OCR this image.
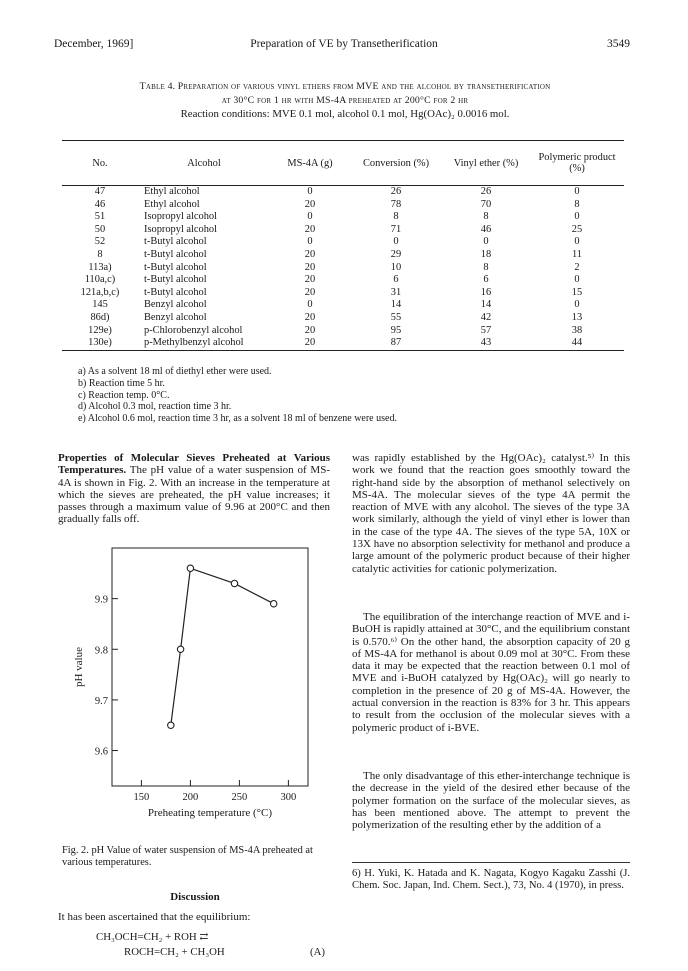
December, 1969]	Preparation of VE by Transetherification	3549
Table 4. Preparation of various vinyl ethers from MVE and the alcohol by transetherification
at 30°C for 1 hr with MS-4A preheated at 200°C for 2 hr
Reaction conditions: MVE 0.1 mol, alcohol 0.1 mol, Hg(OAc)₂ 0.0016 mol.
No.	Alcohol	MS-4A (g)	Conversion (%)	Vinyl ether (%)	Polymeric product (%)
47	Ethyl alcohol	0	26	26	0
46	Ethyl alcohol	20	78	70	8
51	Isopropyl alcohol	0	8	8	0
50	Isopropyl alcohol	20	71	46	25
52	t-Butyl alcohol	0	0	0	0
8	t-Butyl alcohol	20	29	18	11
113a)	t-Butyl alcohol	20	10	8	2
110a,c)	t-Butyl alcohol	20	6	6	0
121a,b,c)	t-Butyl alcohol	20	31	16	15
145	Benzyl alcohol	0	14	14	0
86d)	Benzyl alcohol	20	55	42	13
129e)	p-Chlorobenzyl alcohol	20	95	57	38
130e)	p-Methylbenzyl alcohol	20	87	43	44
a) As a solvent 18 ml of diethyl ether were used.
b) Reaction time 5 hr.
c) Reaction temp. 0°C.
d) Alcohol 0.3 mol, reaction time 3 hr.
e) Alcohol 0.6 mol, reaction time 3 hr, as a solvent 18 ml of benzene were used.
Properties of Molecular Sieves Preheated at Various Temperatures. The pH value of a water suspension of MS-4A is shown in Fig. 2. With an increase in the temperature at which the sieves are preheated, the pH value increases; it passes through a maximum value of 9.96 at 200°C and then gradually falls off.
150	200	250	300
9.6
9.7
9.8
9.9
Preheating temperature (°C)
pH value
Fig. 2. pH Value of water suspension of MS-4A preheated at various temperatures.
Discussion
It has been ascertained that the equilibrium:
CH₃OCH=CH₂ + ROH ⇄
ROCH=CH₂ + CH₃OH	(A)
was rapidly established by the Hg(OAc)₂ catalyst.⁵⁾ In this work we found that the reaction goes smoothly toward the right-hand side by the absorption of methanol selectively on MS-4A. The molecular sieves of the type 4A permit the reaction of MVE with any alcohol. The sieves of the type 3A work similarly, although the yield of vinyl ether is lower than in the case of the type 4A. The sieves of the type 5A, 10X or 13X have no absorption selectivity for methanol and produce a large amount of the polymeric product because of their higher catalytic activities for cationic polymerization.
The equilibration of the interchange reaction of MVE and i-BuOH is rapidly attained at 30°C, and the equilibrium constant is 0.570.⁶⁾ On the other hand, the absorption capacity of 20 g of MS-4A for methanol is about 0.09 mol at 30°C. From these data it may be expected that the reaction between 0.1 mol of MVE and i-BuOH catalyzed by Hg(OAc)₂ will go nearly to completion in the presence of 20 g of MS-4A. However, the actual conversion in the reaction is 83% for 3 hr. This appears to result from the occlusion of the molecular sieves with a polymeric product of i-BVE.
The only disadvantage of this ether-interchange technique is the decrease in the yield of the desired ether because of the polymer formation on the surface of the molecular sieves, as has been mentioned above. The attempt to prevent the polymerization of the resulting ether by the addition of a
6) H. Yuki, K. Hatada and K. Nagata, Kogyo Kagaku Zasshi (J. Chem. Soc. Japan, Ind. Chem. Sect.), 73, No. 4 (1970), in press.
